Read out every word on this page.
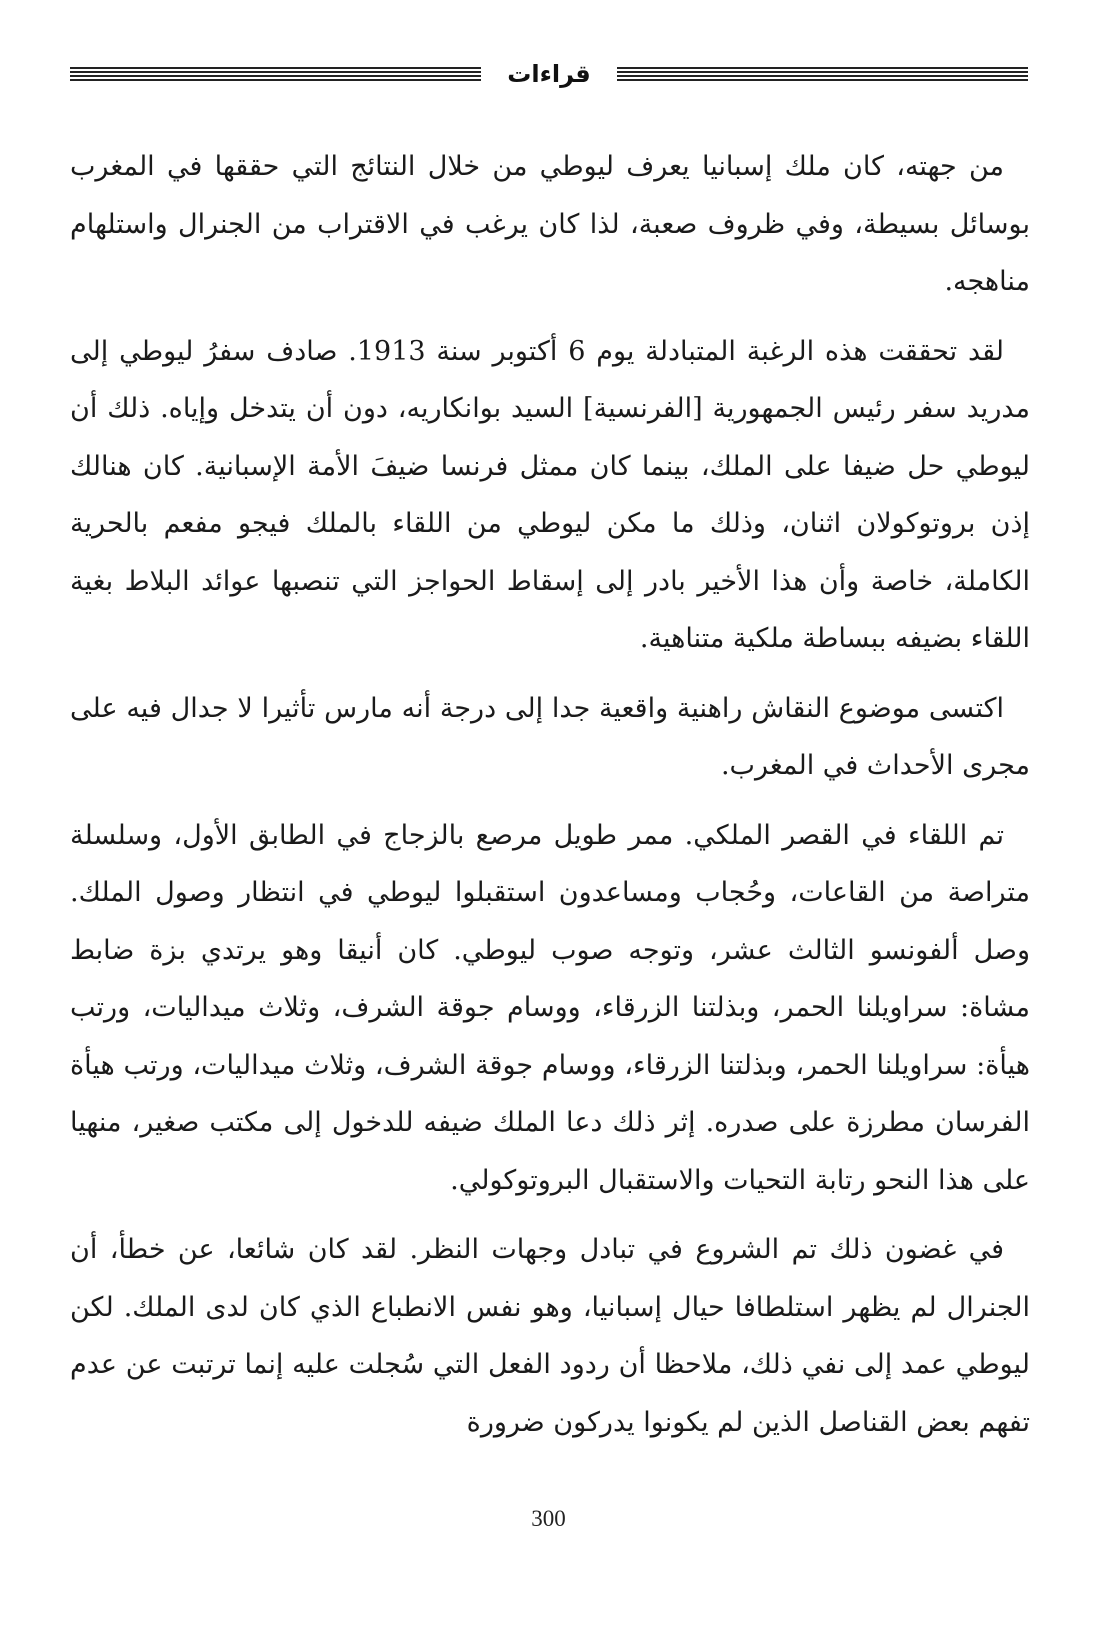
قراءات

من جهته، كان ملك إسبانيا يعرف ليوطي من خلال النتائج التي حققها في المغرب بوسائل بسيطة، وفي ظروف صعبة، لذا كان يرغب في الاقتراب من الجنرال واستلهام مناهجه.

لقد تحققت هذه الرغبة المتبادلة يوم 6 أكتوبر سنة 1913. صادف سفرُ ليوطي إلى مدريد سفر رئيس الجمهورية [الفرنسية] السيد بوانكاريه، دون أن يتدخل وإياه. ذلك أن ليوطي حل ضيفا على الملك، بينما كان ممثل فرنسا ضيفَ الأمة الإسبانية. كان هنالك إذن بروتوكولان اثنان، وذلك ما مكن ليوطي من اللقاء بالملك فيجو مفعم بالحرية الكاملة، خاصة وأن هذا الأخير بادر إلى إسقاط الحواجز التي تنصبها عوائد البلاط بغية اللقاء بضيفه ببساطة ملكية متناهية.

اكتسى موضوع النقاش راهنية واقعية جدا إلى درجة أنه مارس تأثيرا لا جدال فيه على مجرى الأحداث في المغرب.

تم اللقاء في القصر الملكي. ممر طويل مرصع بالزجاج في الطابق الأول، وسلسلة متراصة من القاعات، وحُجاب ومساعدون استقبلوا ليوطي في انتظار وصول الملك. وصل ألفونسو الثالث عشر، وتوجه صوب ليوطي. كان أنيقا وهو يرتدي بزة ضابط مشاة: سراويلنا الحمر، وبذلتنا الزرقاء، ووسام جوقة الشرف، وثلاث ميداليات، ورتب هيأة: سراويلنا الحمر، وبذلتنا الزرقاء، ووسام جوقة الشرف، وثلاث ميداليات، ورتب هيأة الفرسان مطرزة على صدره. إثر ذلك دعا الملك ضيفه للدخول إلى مكتب صغير، منهيا على هذا النحو رتابة التحيات والاستقبال البروتوكولي.

في غضون ذلك تم الشروع في تبادل وجهات النظر. لقد كان شائعا، عن خطأ، أن الجنرال لم يظهر استلطافا حيال إسبانيا، وهو نفس الانطباع الذي كان لدى الملك. لكن ليوطي عمد إلى نفي ذلك، ملاحظا أن ردود الفعل التي سُجلت عليه إنما ترتبت عن عدم تفهم بعض القناصل الذين لم يكونوا يدركون ضرورة

300
